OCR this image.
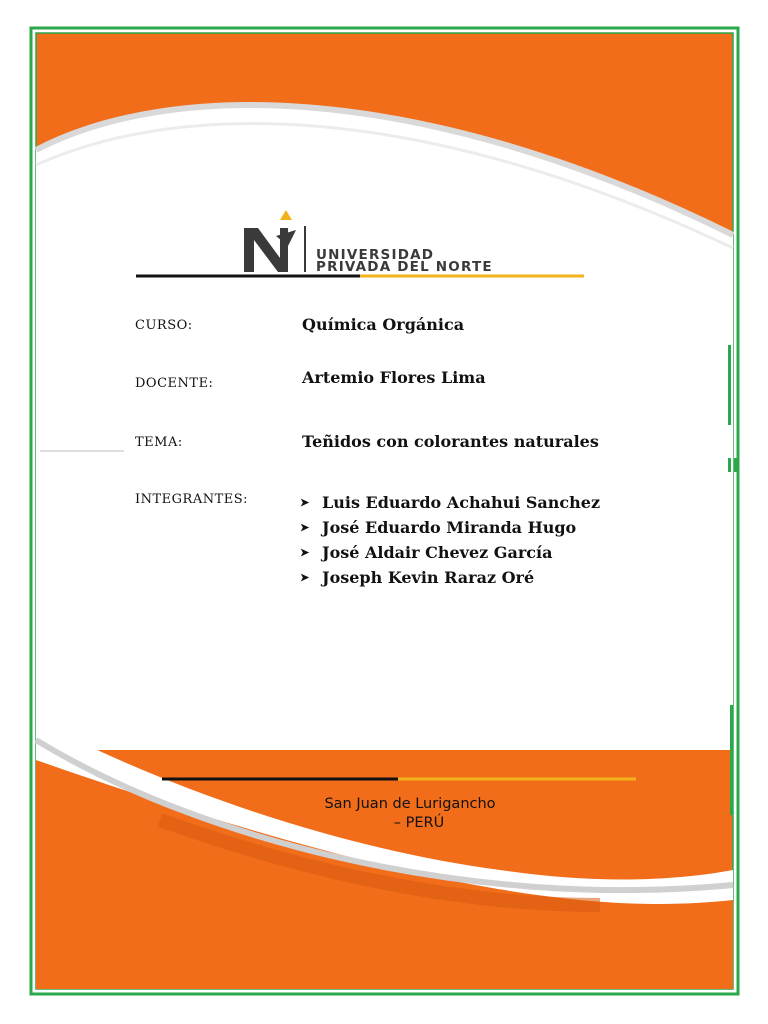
UNIVERSIDAD
PRIVADA DEL NORTE
CURSO:	Química Orgánica
DOCENTE:	Artemio Flores Lima
TEMA:	Teñidos con colorantes naturales
INTEGRANTES:	➤ Luis Eduardo Achahui Sanchez
➤ José Eduardo Miranda Hugo
➤ José Aldair Chevez García
➤ Joseph Kevin Raraz Oré
San Juan de Lurigancho
– PERÚ
